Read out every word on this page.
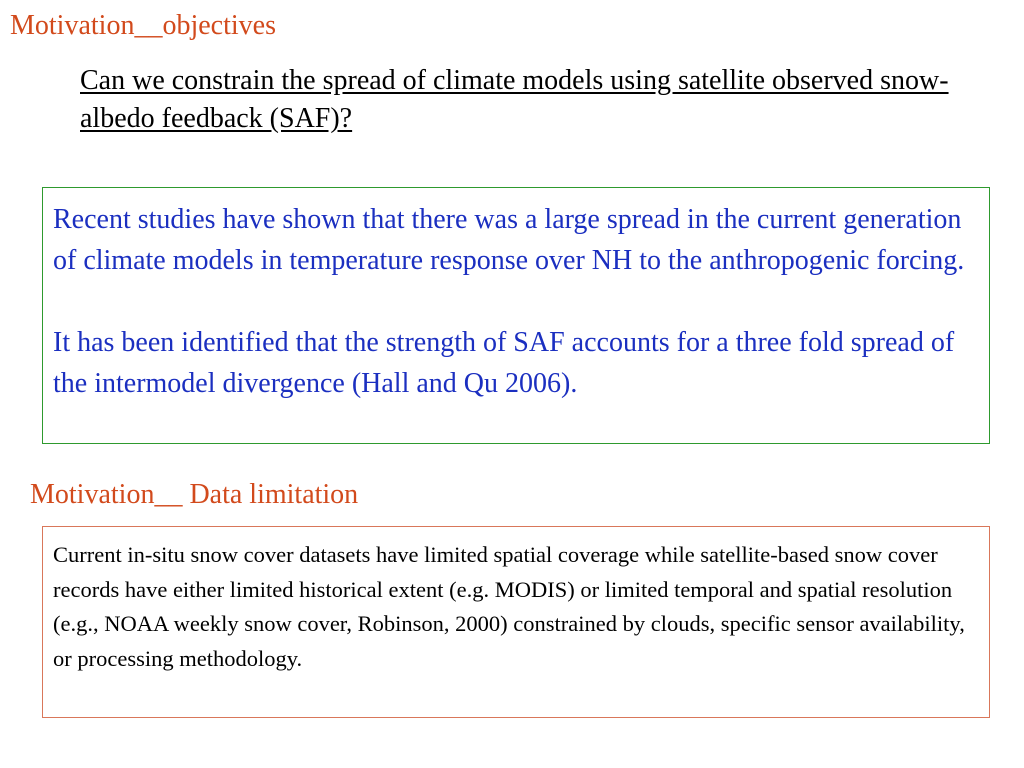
Motivation__objectives
Can we constrain the spread of climate models using satellite observed snow-albedo feedback (SAF)?

Recent studies have shown that there was a large spread in the current generation of climate models in temperature response over NH to the anthropogenic forcing.

It has been identified that the strength of SAF accounts for a three fold spread of the intermodel divergence (Hall and Qu 2006).

Motivation__ Data limitation

Current in-situ snow cover datasets have limited spatial coverage while satellite-based snow cover records have either limited historical extent (e.g. MODIS) or limited temporal and spatial resolution (e.g., NOAA weekly snow cover, Robinson, 2000) constrained by clouds, specific sensor availability, or processing methodology.
